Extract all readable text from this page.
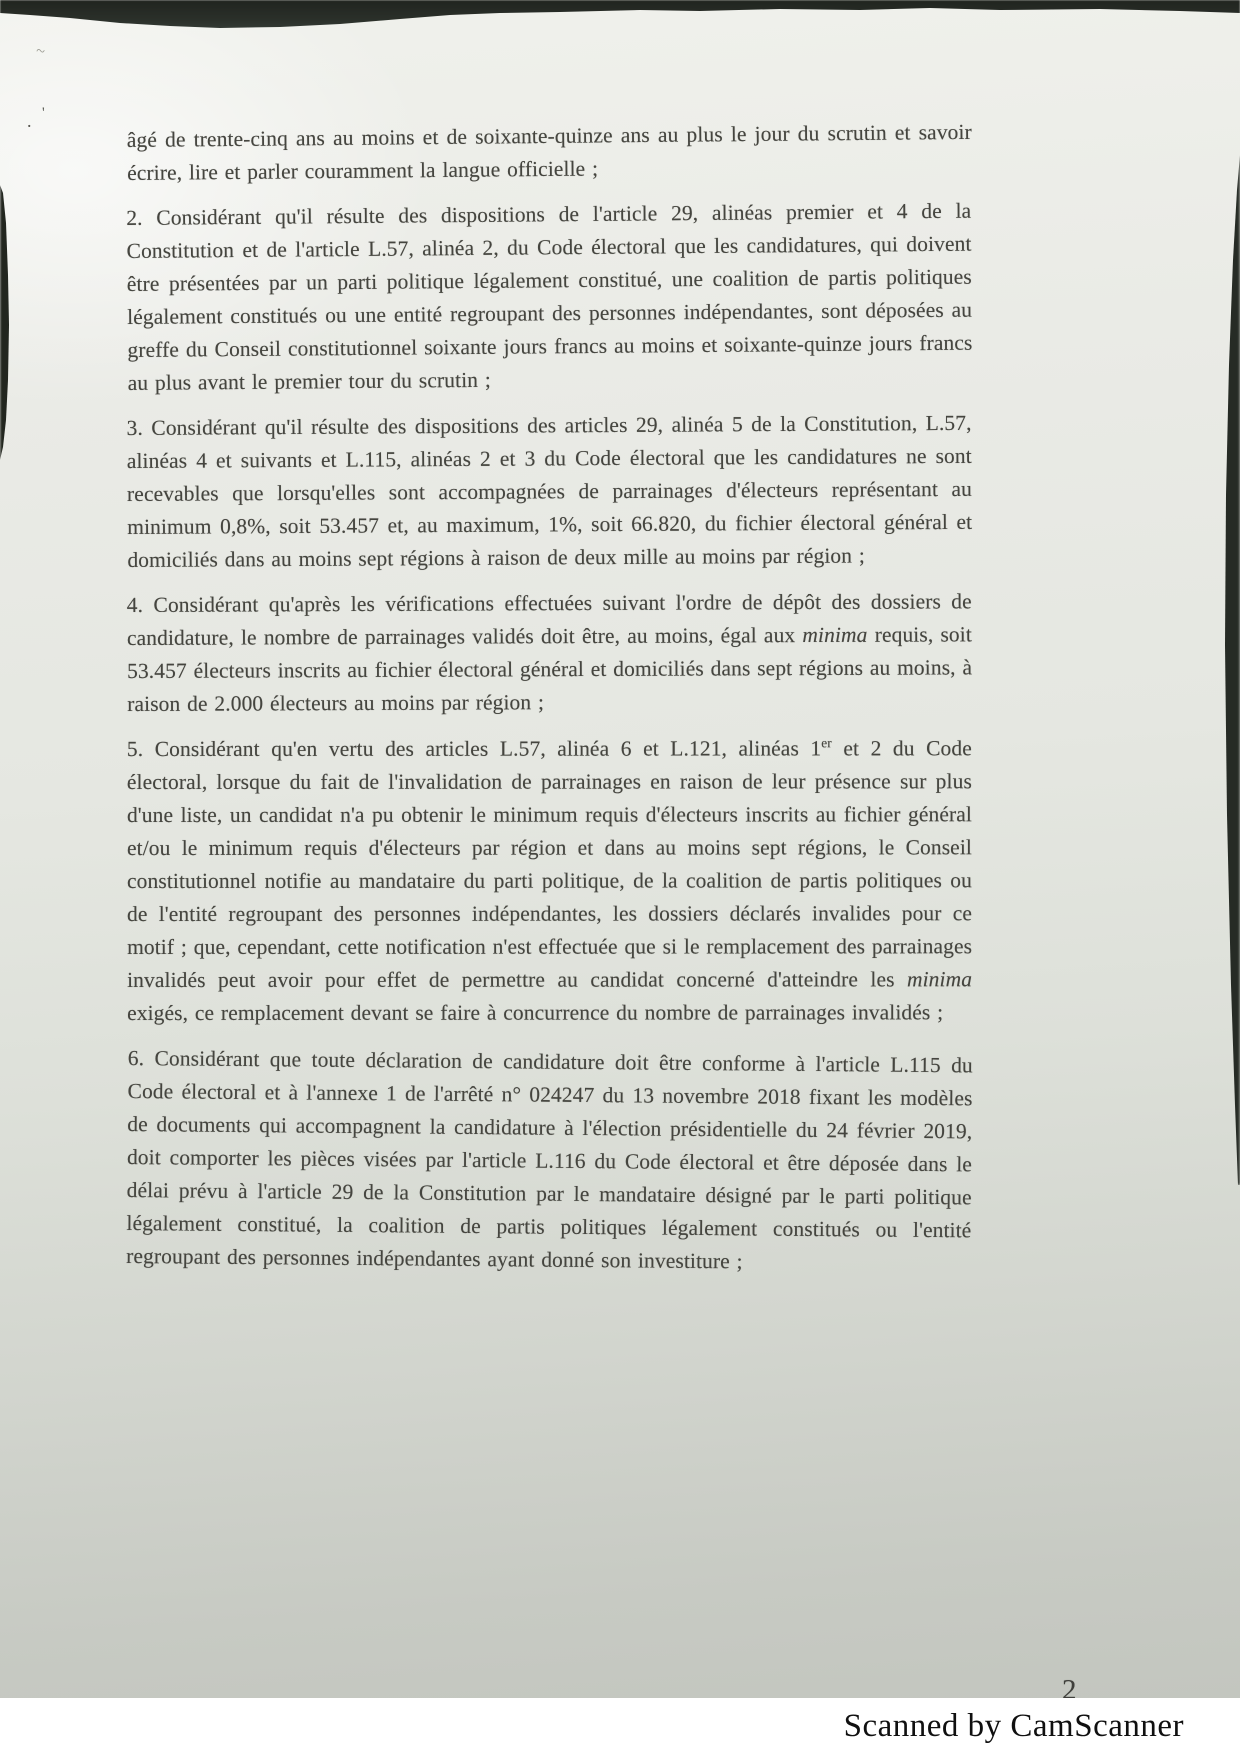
~
. '

âgé de trente-cinq ans au moins et de soixante-quinze ans au plus le jour du scrutin et savoir écrire, lire et parler couramment la langue officielle ;

2. Considérant qu'il résulte des dispositions de l'article 29, alinéas premier et 4 de la Constitution et de l'article L.57, alinéa 2, du Code électoral que les candidatures, qui doivent être présentées par un parti politique légalement constitué, une coalition de partis politiques légalement constitués ou une entité regroupant des personnes indépendantes, sont déposées au greffe du Conseil constitutionnel soixante jours francs au moins et soixante-quinze jours francs au plus avant le premier tour du scrutin ;

3. Considérant qu'il résulte des dispositions des articles 29, alinéa 5 de la Constitution, L.57, alinéas 4 et suivants et L.115, alinéas 2 et 3 du Code électoral que les candidatures ne sont recevables que lorsqu'elles sont accompagnées de parrainages d'électeurs représentant au minimum 0,8%, soit 53.457 et, au maximum, 1%, soit 66.820, du fichier électoral général et domiciliés dans au moins sept régions à raison de deux mille au moins par région ;

4. Considérant qu'après les vérifications effectuées suivant l'ordre de dépôt des dossiers de candidature, le nombre de parrainages validés doit être, au moins, égal aux minima requis, soit 53.457 électeurs inscrits au fichier électoral général et domiciliés dans sept régions au moins, à raison de 2.000 électeurs au moins par région ;

5. Considérant qu'en vertu des articles L.57, alinéa 6 et L.121, alinéas 1er et 2 du Code électoral, lorsque du fait de l'invalidation de parrainages en raison de leur présence sur plus d'une liste, un candidat n'a pu obtenir le minimum requis d'électeurs inscrits au fichier général et/ou le minimum requis d'électeurs par région et dans au moins sept régions, le Conseil constitutionnel notifie au mandataire du parti politique, de la coalition de partis politiques ou de l'entité regroupant des personnes indépendantes, les dossiers déclarés invalides pour ce motif ; que, cependant, cette notification n'est effectuée que si le remplacement des parrainages invalidés peut avoir pour effet de permettre au candidat concerné d'atteindre les minima exigés, ce remplacement devant se faire à concurrence du nombre de parrainages invalidés ;

6. Considérant que toute déclaration de candidature doit être conforme à l'article L.115 du Code électoral et à l'annexe 1 de l'arrêté n° 024247 du 13 novembre 2018 fixant les modèles de documents qui accompagnent la candidature à l'élection présidentielle du 24 février 2019, doit comporter les pièces visées par l'article L.116 du Code électoral et être déposée dans le délai prévu à l'article 29 de la Constitution par le mandataire désigné par le parti politique légalement constitué, la coalition de partis politiques légalement constitués ou l'entité regroupant des personnes indépendantes ayant donné son investiture ;

2
Scanned by CamScanner
